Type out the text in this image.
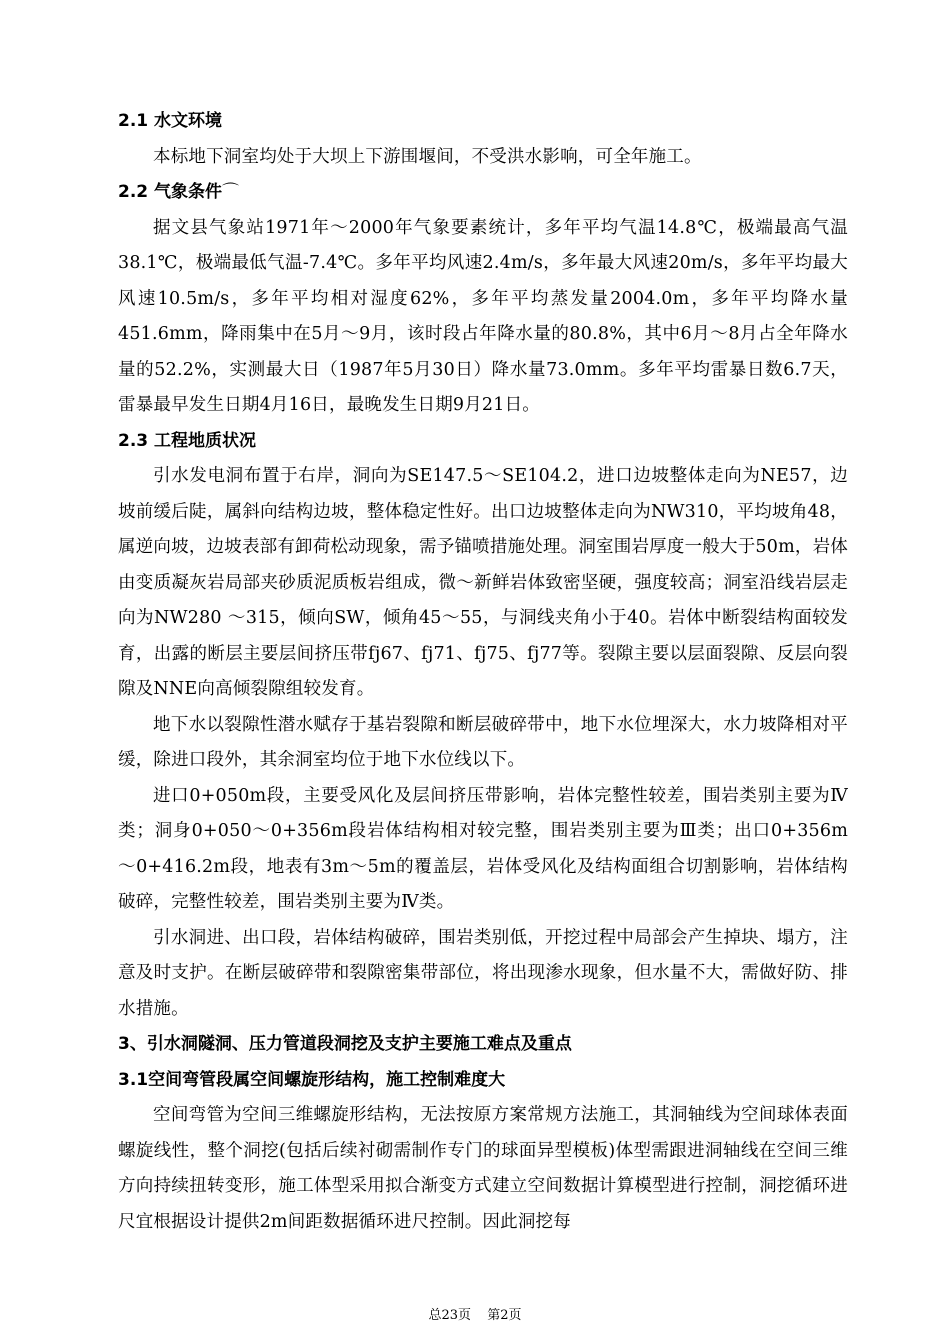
2.1 水文环境

本标地下洞室均处于大坝上下游围堰间，不受洪水影响，可全年施工。

2.2 气象条件⌒

据文县气象站1971年～2000年气象要素统计，多年平均气温14.8℃，极端最高气温38.1℃，极端最低气温-7.4℃。多年平均风速2.4m/s，多年最大风速20m/s，多年平均最大风速10.5m/s，多年平均相对湿度62%，多年平均蒸发量2004.0m，多年平均降水量451.6mm，降雨集中在5月～9月，该时段占年降水量的80.8%，其中6月～8月占全年降水量的52.2%，实测最大日（1987年5月30日）降水量73.0mm。多年平均雷暴日数6.7天，雷暴最早发生日期4月16日，最晚发生日期9月21日。

2.3 工程地质状况

引水发电洞布置于右岸，洞向为SE147.5～SE104.2，进口边坡整体走向为NE57，边坡前缓后陡，属斜向结构边坡，整体稳定性好。出口边坡整体走向为NW310，平均坡角48，属逆向坡，边坡表部有卸荷松动现象，需予锚喷措施处理。洞室围岩厚度一般大于50m，岩体由变质凝灰岩局部夹砂质泥质板岩组成，微～新鲜岩体致密坚硬，强度较高；洞室沿线岩层走向为NW280 ～315，倾向SW，倾角45～55，与洞线夹角小于40。岩体中断裂结构面较发育，出露的断层主要层间挤压带fj67、fj71、fj75、fj77等。裂隙主要以层面裂隙、反层向裂隙及NNE向高倾裂隙组较发育。

地下水以裂隙性潜水赋存于基岩裂隙和断层破碎带中，地下水位埋深大，水力坡降相对平缓，除进口段外，其余洞室均位于地下水位线以下。

进口0+050m段，主要受风化及层间挤压带影响，岩体完整性较差，围岩类别主要为Ⅳ类；洞身0+050～0+356m段岩体结构相对较完整，围岩类别主要为Ⅲ类；出口0+356m ～0+416.2m段，地表有3m～5m的覆盖层，岩体受风化及结构面组合切割影响，岩体结构破碎，完整性较差，围岩类别主要为Ⅳ类。

引水洞进、出口段，岩体结构破碎，围岩类别低，开挖过程中局部会产生掉块、塌方，注意及时支护。在断层破碎带和裂隙密集带部位，将出现渗水现象，但水量不大，需做好防、排水措施。

3、引水洞隧洞、压力管道段洞挖及支护主要施工难点及重点

3.1空间弯管段属空间螺旋形结构，施工控制难度大

空间弯管为空间三维螺旋形结构，无法按原方案常规方法施工，其洞轴线为空间球体表面螺旋线性，整个洞挖(包括后续衬砌需制作专门的球面异型模板)体型需跟进洞轴线在空间三维方向持续扭转变形，施工体型采用拟合渐变方式建立空间数据计算模型进行控制，洞挖循环进尺宜根据设计提供2m间距数据循环进尺控制。因此洞挖每

总23页 第2页
